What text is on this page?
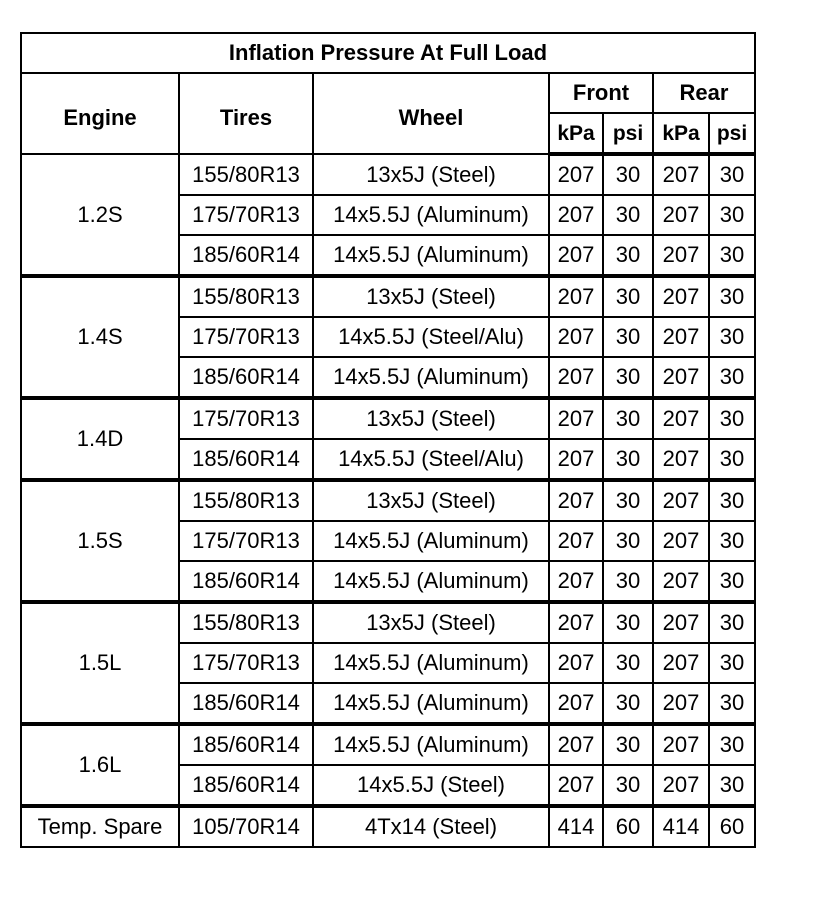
Inflation Pressure At Full Load						
Engine	Tires	Wheel	Front		Rear	
			kPa	psi	kPa	psi
1.2S	155/80R13	13x5J (Steel)	207	30	207	30
	175/70R13	14x5.5J (Aluminum)	207	30	207	30
	185/60R14	14x5.5J (Aluminum)	207	30	207	30
1.4S	155/80R13	13x5J (Steel)	207	30	207	30
	175/70R13	14x5.5J (Steel/Alu)	207	30	207	30
	185/60R14	14x5.5J (Aluminum)	207	30	207	30
1.4D	175/70R13	13x5J (Steel)	207	30	207	30
	185/60R14	14x5.5J (Steel/Alu)	207	30	207	30
1.5S	155/80R13	13x5J (Steel)	207	30	207	30
	175/70R13	14x5.5J (Aluminum)	207	30	207	30
	185/60R14	14x5.5J (Aluminum)	207	30	207	30
1.5L	155/80R13	13x5J (Steel)	207	30	207	30
	175/70R13	14x5.5J (Aluminum)	207	30	207	30
	185/60R14	14x5.5J (Aluminum)	207	30	207	30
1.6L	185/60R14	14x5.5J (Aluminum)	207	30	207	30
	185/60R14	14x5.5J (Steel)	207	30	207	30
Temp. Spare	105/70R14	4Tx14 (Steel)	414	60	414	60
